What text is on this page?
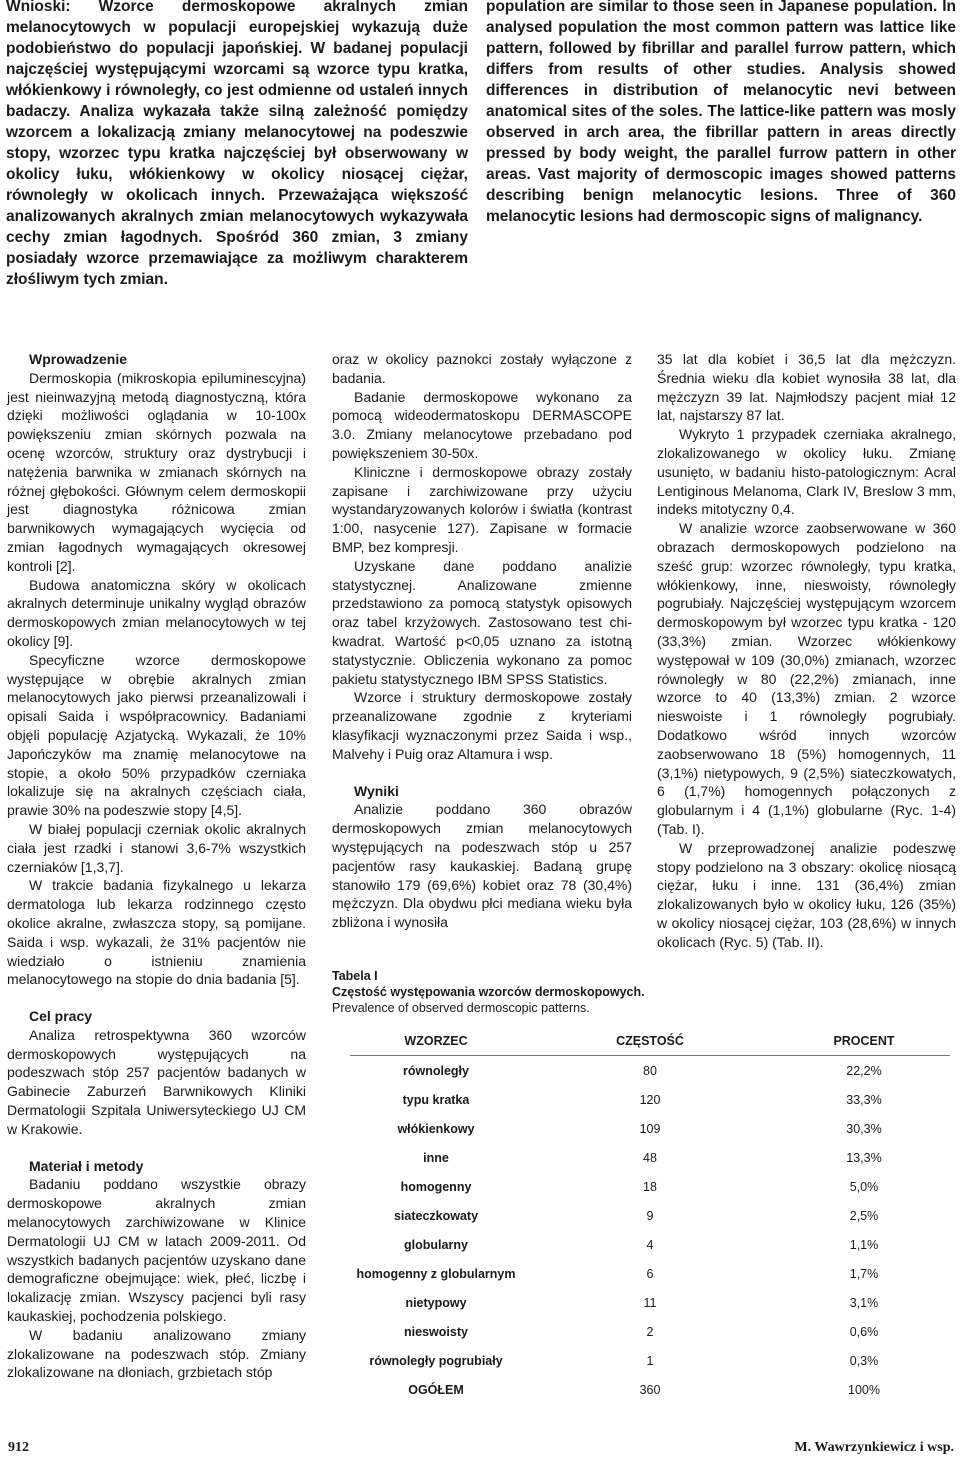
Wnioski: Wzorce dermoskopowe akralnych zmian melanocytowych w populacji europejskiej wykazują duże podobieństwo do populacji japońskiej. W badanej populacji najczęściej występującymi wzorcami są wzorce typu kratka, włókienkowy i równoległy, co jest odmienne od ustaleń innych badaczy. Analiza wykazała także silną zależność pomiędzy wzorcem a lokalizacją zmiany melanocytowej na podeszwie stopy, wzorzec typu kratka najczęściej był obserwowany w okolicy łuku, włókienkowy w okolicy niosącej ciężar, równoległy w okolicach innych. Przeważająca większość analizowanych akralnych zmian melanocytowych wykazywała cechy zmian łagodnych. Spośród 360 zmian, 3 zmiany posiadały wzorce przemawiające za możliwym charakterem złośliwym tych zmian.

population are similar to those seen in Japanese population. In analysed population the most common pattern was lattice like pattern, followed by fibrillar and parallel furrow pattern, which differs from results of other studies. Analysis showed differences in distribution of melanocytic nevi between anatomical sites of the soles. The lattice-like pattern was mosly observed in arch area, the fibrillar pattern in areas directly pressed by body weight, the parallel furrow pattern in other areas. Vast majority of dermoscopic images showed patterns describing benign melanocytic lesions. Three of 360 melanocytic lesions had dermoscopic signs of malignancy.

Wprowadzenie

Dermoskopia (mikroskopia epiluminescyjna) jest nieinwazyjną metodą diagnostyczną, która dzięki możliwości oglądania w 10-100x powiększeniu zmian skórnych pozwala na ocenę wzorców, struktury oraz dystrybucji i natężenia barwnika w zmianach skórnych na różnej głębokości. Głównym celem dermoskopii jest diagnostyka różnicowa zmian barwnikowych wymagających wycięcia od zmian łagodnych wymagających okresowej kontroli [2].

Budowa anatomiczna skóry w okolicach akralnych determinuje unikalny wygląd obrazów dermoskopowych zmian melanocytowych w tej okolicy [9].

Specyficzne wzorce dermoskopowe występujące w obrębie akralnych zmian melanocytowych jako pierwsi przeanalizowali i opisali Saida i współpracownicy. Badaniami objęli populację Azjatycką. Wykazali, że 10% Japończyków ma znamię melanocytowe na stopie, a około 50% przypadków czerniaka lokalizuje się na akralnych częściach ciała, prawie 30% na podeszwie stopy [4,5].

W białej populacji czerniak okolic akralnych ciała jest rzadki i stanowi 3,6-7% wszystkich czerniaków [1,3,7].

W trakcie badania fizykalnego u lekarza dermatologa lub lekarza rodzinnego często okolice akralne, zwłaszcza stopy, są pomijane. Saida i wsp. wykazali, że 31% pacjentów nie wiedziało o istnieniu znamienia melanocytowego na stopie do dnia badania [5].

Cel pracy

Analiza retrospektywna 360 wzorców dermoskopowych występujących na podeszwach stóp 257 pacjentów badanych w Gabinecie Zaburzeń Barwnikowych Kliniki Dermatologii Szpitala Uniwersyteckiego UJ CM w Krakowie.

Materiał i metody

Badaniu poddano wszystkie obrazy dermoskopowe akralnych zmian melanocytowych zarchiwizowane w Klinice Dermatologii UJ CM w latach 2009-2011. Od wszystkich badanych pacjentów uzyskano dane demograficzne obejmujące: wiek, płeć, liczbę i lokalizację zmian. Wszyscy pacjenci byli rasy kaukaskiej, pochodzenia polskiego.

W badaniu analizowano zmiany zlokalizowane na podeszwach stóp. Zmiany zlokalizowane na dłoniach, grzbietach stóp

oraz w okolicy paznokci zostały wyłączone z badania.

Badanie dermoskopowe wykonano za pomocą wideodermatoskopu DERMASCOPE 3.0. Zmiany melanocytowe przebadano pod powiększeniem 30-50x.

Kliniczne i dermoskopowe obrazy zostały zapisane i zarchiwizowane przy użyciu wystandaryzowanych kolorów i światła (kontrast 1:00, nasycenie 127). Zapisane w formacie BMP, bez kompresji.

Uzyskane dane poddano analizie statystycznej. Analizowane zmienne przedstawiono za pomocą statystyk opisowych oraz tabel krzyżowych. Zastosowano test chi-kwadrat. Wartość p<0,05 uznano za istotną statystycznie. Obliczenia wykonano za pomoc pakietu statystycznego IBM SPSS Statistics.

Wzorce i struktury dermoskopowe zostały przeanalizowane zgodnie z kryteriami klasyfikacji wyznaczonymi przez Saida i wsp., Malvehy i Puig oraz Altamura i wsp.

Wyniki

Analizie poddano 360 obrazów dermoskopowych zmian melanocytowych występujących na podeszwach stóp u 257 pacjentów rasy kaukaskiej. Badaną grupę stanowiło 179 (69,6%) kobiet oraz 78 (30,4%) mężczyzn. Dla obydwu płci mediana wieku była zbliżona i wynosiła

35 lat dla kobiet i 36,5 lat dla mężczyzn. Średnia wieku dla kobiet wynosiła 38 lat, dla mężczyzn 39 lat. Najmłodszy pacjent miał 12 lat, najstarszy 87 lat.

Wykryto 1 przypadek czerniaka akralnego, zlokalizowanego w okolicy łuku. Zmianę usunięto, w badaniu histo-patologicznym: Acral Lentiginous Melanoma, Clark IV, Breslow 3 mm, indeks mitotyczny 0,4.

W analizie wzorce zaobserwowane w 360 obrazach dermoskopowych podzielono na sześć grup: wzorzec równoległy, typu kratka, włókienkowy, inne, nieswoisty, równoległy pogrubiały. Najczęściej występującym wzorcem dermoskopowym był wzorzec typu kratka - 120 (33,3%) zmian. Wzorzec włókienkowy występował w 109 (30,0%) zmianach, wzorzec równoległy w 80 (22,2%) zmianach, inne wzorce to 40 (13,3%) zmian. 2 wzorce nieswoiste i 1 równoległy pogrubiały. Dodatkowo wśród innych wzorców zaobserwowano 18 (5%) homogennych, 11 (3,1%) nietypowych, 9 (2,5%) siateczkowatych, 6 (1,7%) homogennych połączonych z globularnym i 4 (1,1%) globularne (Ryc. 1-4) (Tab. I).

W przeprowadzonej analizie podeszwę stopy podzielono na 3 obszary: okolicę niosącą ciężar, łuku i inne. 131 (36,4%) zmian zlokalizowanych było w okolicy łuku, 126 (35%) w okolicy niosącej ciężar, 103 (28,6%) w innych okolicach (Ryc. 5) (Tab. II).

Tabela I
Częstość występowania wzorców dermoskopowych.
Prevalence of observed dermoscopic patterns.
WZORZEC	CZĘSTOŚĆ	PROCENT
równoległy	80	22,2%
typu kratka	120	33,3%
włókienkowy	109	30,3%
inne	48	13,3%
homogenny	18	5,0%
siateczkowaty	9	2,5%
globularny	4	1,1%
homogenny z globularnym	6	1,7%
nietypowy	11	3,1%
nieswoisty	2	0,6%
równoległy pogrubiały	1	0,3%
OGÓŁEM	360	100%
912	M. Wawrzynkiewicz i wsp.
